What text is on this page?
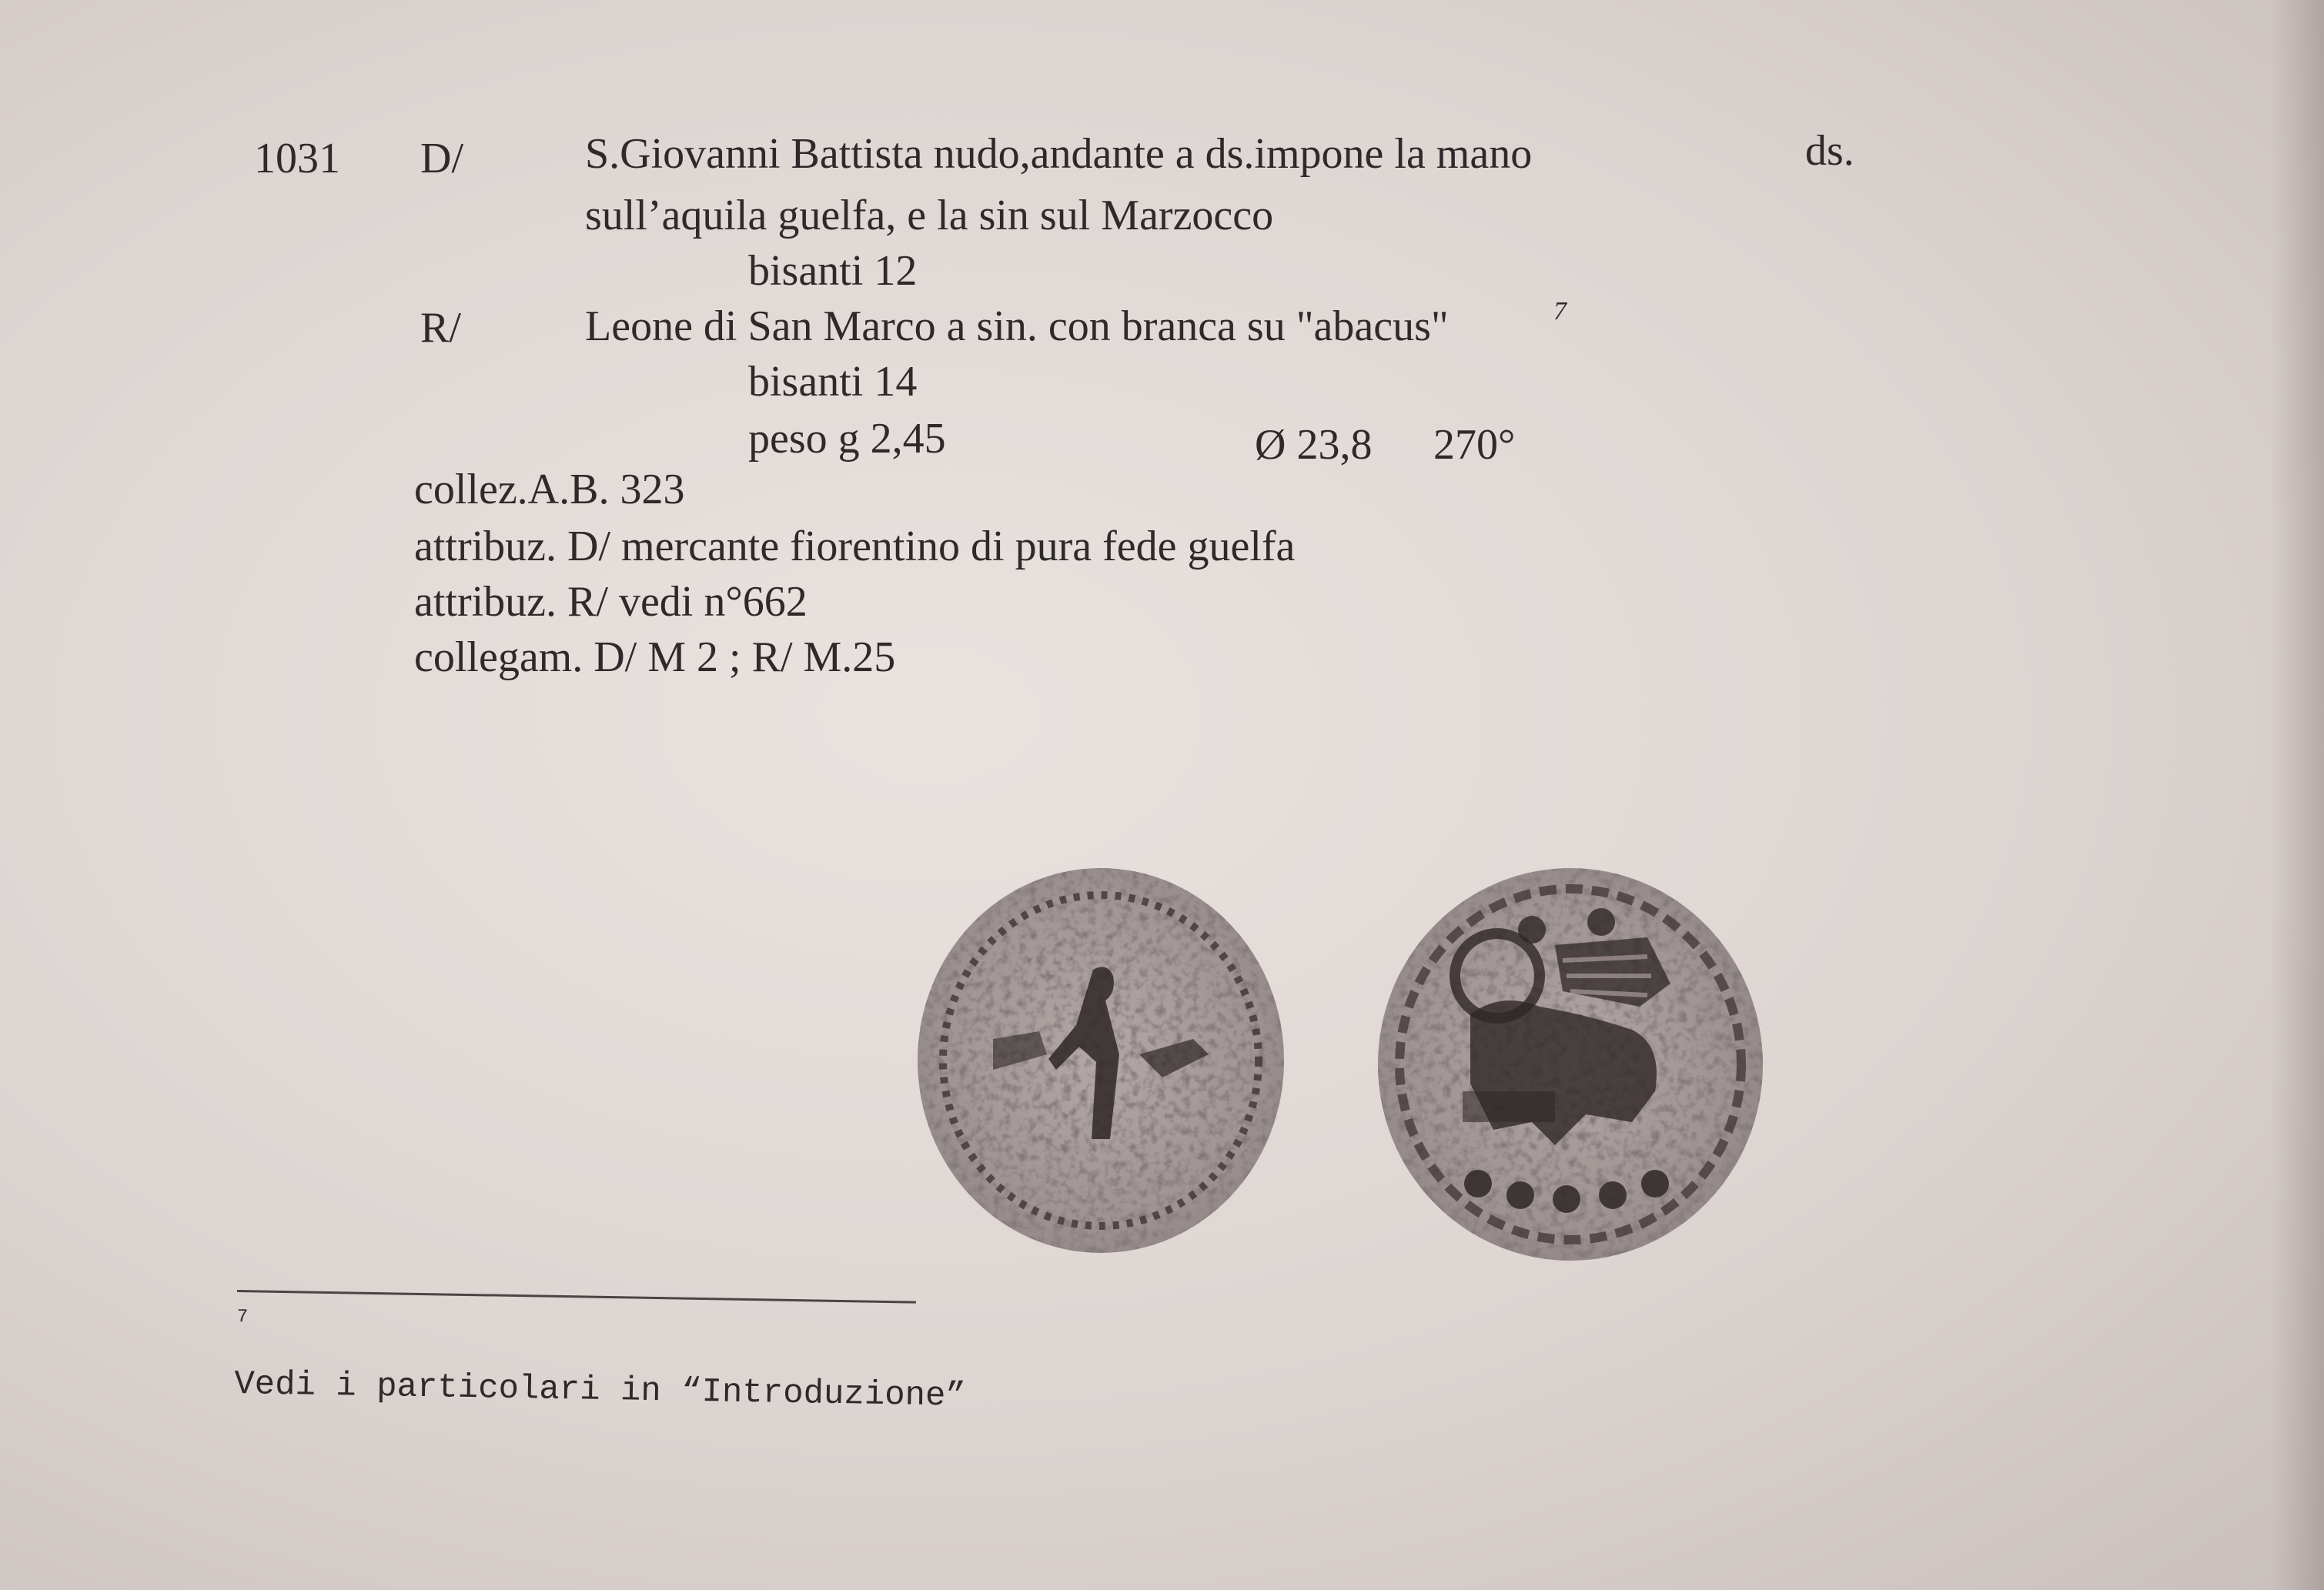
1031 D/	S.Giovanni Battista nudo,andante a ds.impone la mano	ds.
sull’aquila guelfa, e la sin sul Marzocco
bisanti 12
R/	Leone di San Marco a sin. con branca su "abacus"	7
bisanti 14
peso g 2,45	Ø 23,8 270°
collez.A.B. 323
attribuz. D/ mercante fiorentino di pura fede guelfa
attribuz. R/ vedi n°662
collegam. D/ M 2 ; R/ M.25
7
Vedi i particolari in “Introduzione”
